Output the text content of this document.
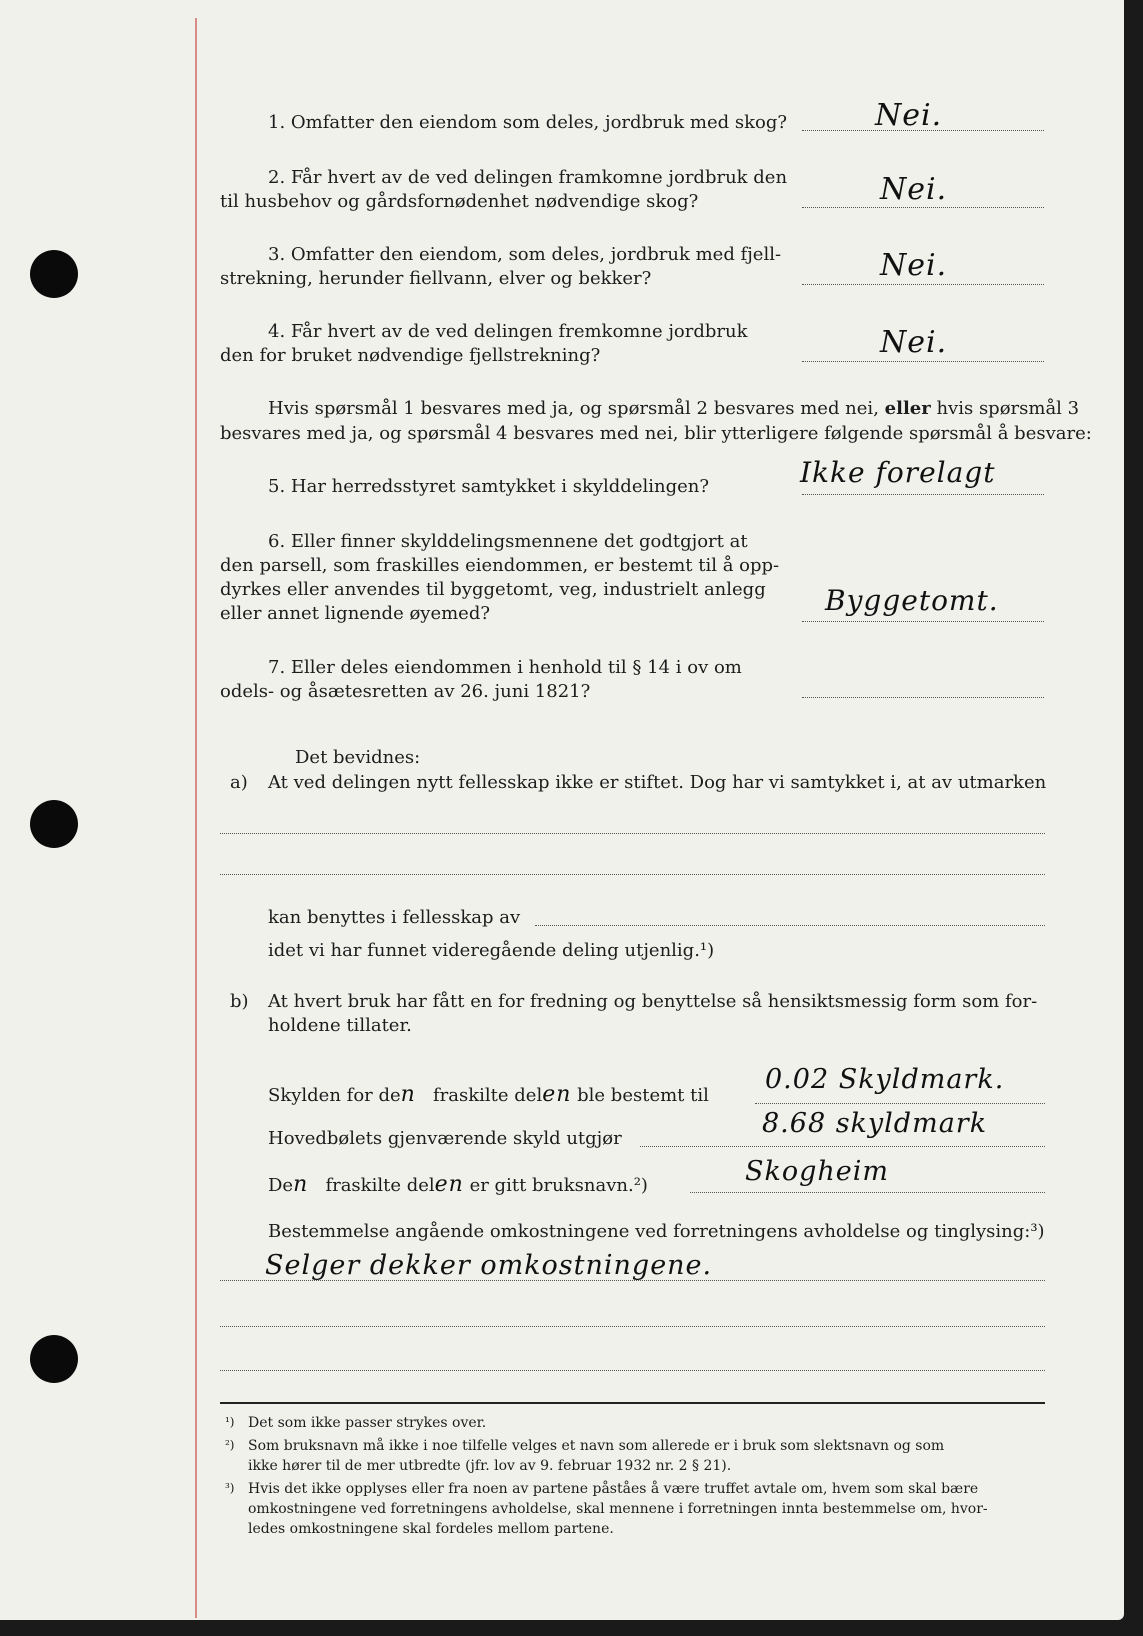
1. Omfatter den eiendom som deles, jordbruk med skog?	Nei.
2. Får hvert av de ved delingen framkomne jordbruk den
til husbehov og gårdsfornødenhet nødvendige skog?	Nei.
3. Omfatter den eiendom, som deles, jordbruk med fjell-
strekning, herunder fiellvann, elver og bekker?	Nei.
4. Får hvert av de ved delingen fremkomne jordbruk
den for bruket nødvendige fjellstrekning?	Nei.
Hvis spørsmål 1 besvares med ja, og spørsmål 2 besvares med nei, eller hvis spørsmål 3
besvares med ja, og spørsmål 4 besvares med nei, blir ytterligere følgende spørsmål å besvare:
5. Har herredsstyret samtykket i skylddelingen?	Ikke forelagt
6. Eller finner skylddelingsmennene det godtgjort at
den parsell, som fraskilles eiendommen, er bestemt til å opp-
dyrkes eller anvendes til byggetomt, veg, industrielt anlegg
eller annet lignende øyemed?	Byggetomt.
7. Eller deles eiendommen i henhold til § 14 i ov om
odels- og åsætesretten av 26. juni 1821?
Det bevidnes:
a) At ved delingen nytt fellesskap ikke er stiftet. Dog har vi samtykket i, at av utmarken
kan benyttes i fellesskap av
idet vi har funnet videregående deling utjenlig.¹)
b) At hvert bruk har fått en for fredning og benyttelse så hensiktsmessig form som for-
holdene tillater.
Skylden for den fraskilte delen ble bestemt til
0.02 Skyldmark.
Hovedbølets gjenværende skyld utgjør	8.68 skyldmark
Den fraskilte delen er gitt bruksnavn.²)	Skogheim
Bestemmelse angående omkostningene ved forretningens avholdelse og tinglysing:³)
Selger dekker omkostningene.
¹) Det som ikke passer strykes over.
²) Som bruksnavn må ikke i noe tilfelle velges et navn som allerede er i bruk som slektsnavn og som
ikke hører til de mer utbredte (jfr. lov av 9. februar 1932 nr. 2 § 21).
³) Hvis det ikke opplyses eller fra noen av partene påståes å være truffet avtale om, hvem som skal bære
omkostningene ved forretningens avholdelse, skal mennene i forretningen innta bestemmelse om, hvor-
ledes omkostningene skal fordeles mellom partene.
